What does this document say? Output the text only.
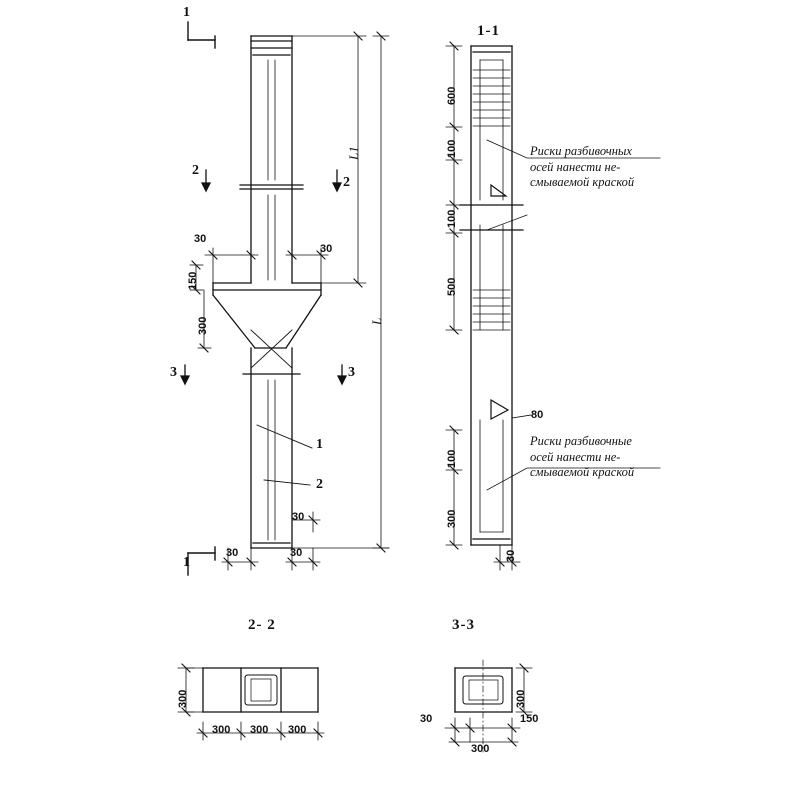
1-1
2- 2	3-3
1
1
2
2
3	3
1
2
30
30
30	30
30
L1
L
150
300
600
100
100
500
100
300
30
80
Риски разбивочных
осей нанести не-
смываемой краской
Риски разбивочные
осей нанести не-
смываемой краской
300 300 300
300
30
300
150
300
